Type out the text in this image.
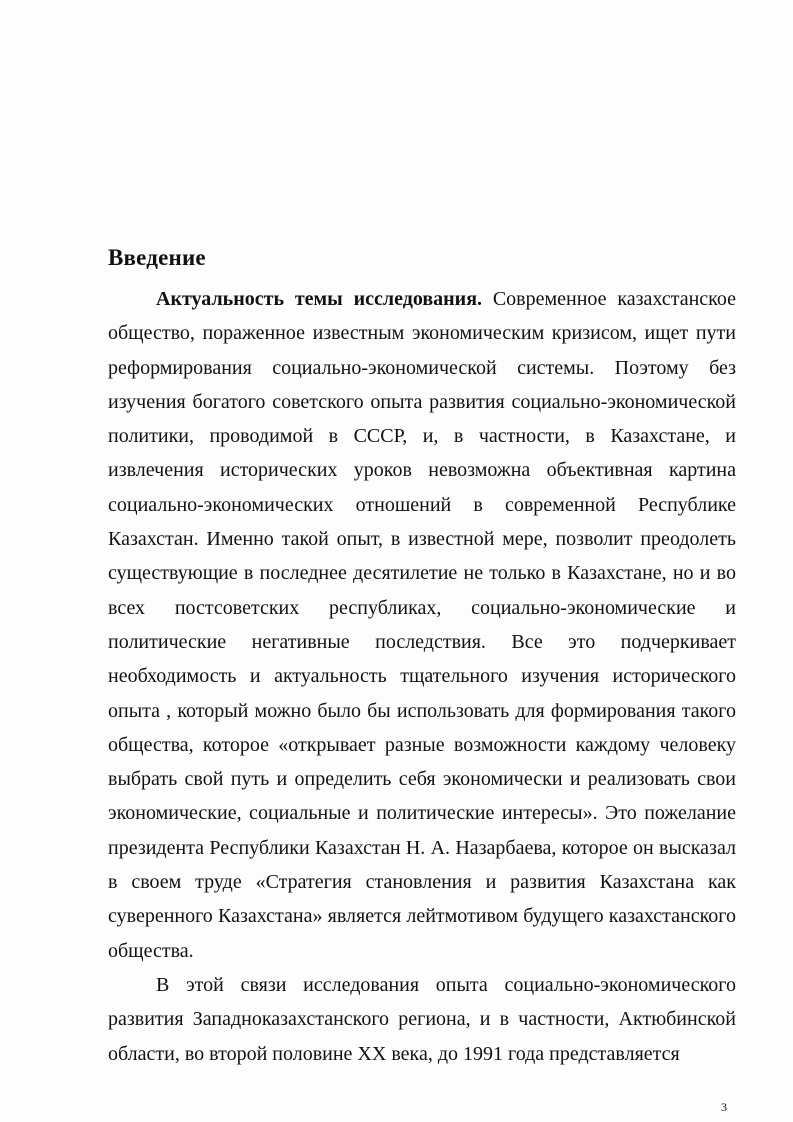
Введение

Актуальность темы исследования. Современное казахстанское общество, пораженное известным экономическим кризисом, ищет пути реформирования социально-экономической системы. Поэтому без изучения богатого советского опыта развития социально-экономической политики, проводимой в СССР, и, в частности, в Казахстане, и извлечения исторических уроков невозможна объективная картина социально-экономических отношений в современной Республике Казахстан. Именно такой опыт, в известной мере, позволит преодолеть существующие в последнее десятилетие не только в Казахстане, но и во всех постсоветских республиках, социально-экономические и политические негативные последствия. Все это подчеркивает необходимость и актуальность тщательного изучения исторического опыта , который можно было бы использовать для формирования такого общества, которое «открывает разные возможности каждому человеку выбрать свой путь и определить себя экономически и реализовать свои экономические, социальные и политические интересы». Это пожелание президента Республики Казахстан Н. А. Назарбаева, которое он высказал в своем труде «Стратегия становления и развития Казахстана как суверенного Казахстана» является лейтмотивом будущего казахстанского общества.

В этой связи исследования опыта социально-экономического развития Западноказахстанского региона, и в частности, Актюбинской области, во второй половине XX века, до 1991 года представляется

3
